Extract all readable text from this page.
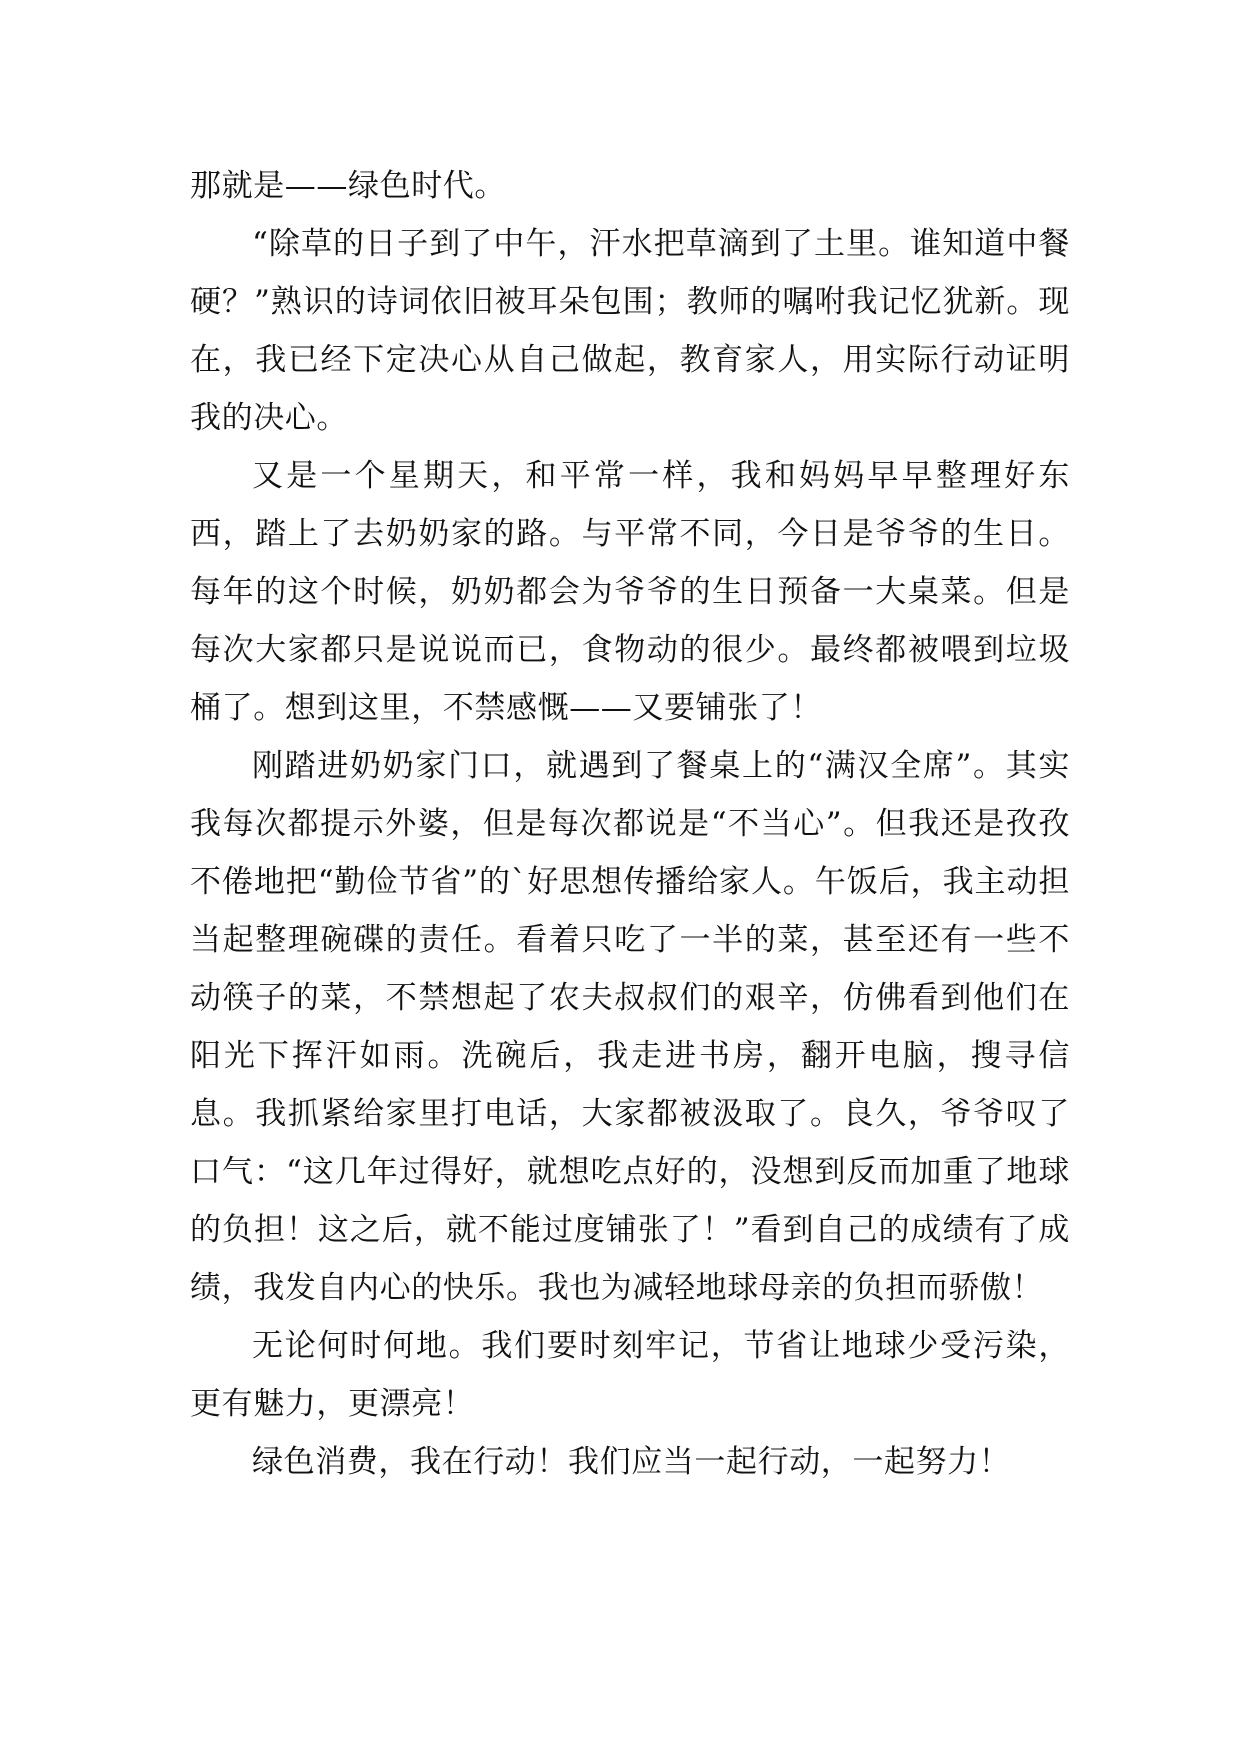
那就是——绿色时代。

“除草的日子到了中午，汗水把草滴到了土里。谁知道中餐硬？”熟识的诗词依旧被耳朵包围；教师的嘱咐我记忆犹新。现在，我已经下定决心从自己做起，教育家人，用实际行动证明我的决心。

又是一个星期天，和平常一样，我和妈妈早早整理好东西，踏上了去奶奶家的路。与平常不同，今日是爷爷的生日。每年的这个时候，奶奶都会为爷爷的生日预备一大桌菜。但是每次大家都只是说说而已，食物动的很少。最终都被喂到垃圾桶了。想到这里，不禁感慨——又要铺张了！

刚踏进奶奶家门口，就遇到了餐桌上的“满汉全席”。其实我每次都提示外婆，但是每次都说是“不当心”。但我还是孜孜不倦地把“勤俭节省”的`好思想传播给家人。午饭后，我主动担当起整理碗碟的责任。看着只吃了一半的菜，甚至还有一些不动筷子的菜，不禁想起了农夫叔叔们的艰辛，仿佛看到他们在阳光下挥汗如雨。洗碗后，我走进书房，翻开电脑，搜寻信息。我抓紧给家里打电话，大家都被汲取了。良久，爷爷叹了口气：“这几年过得好，就想吃点好的，没想到反而加重了地球的负担！这之后，就不能过度铺张了！”看到自己的成绩有了成绩，我发自内心的快乐。我也为减轻地球母亲的负担而骄傲！

无论何时何地。我们要时刻牢记，节省让地球少受污染，更有魅力，更漂亮！

绿色消费，我在行动！我们应当一起行动，一起努力！
